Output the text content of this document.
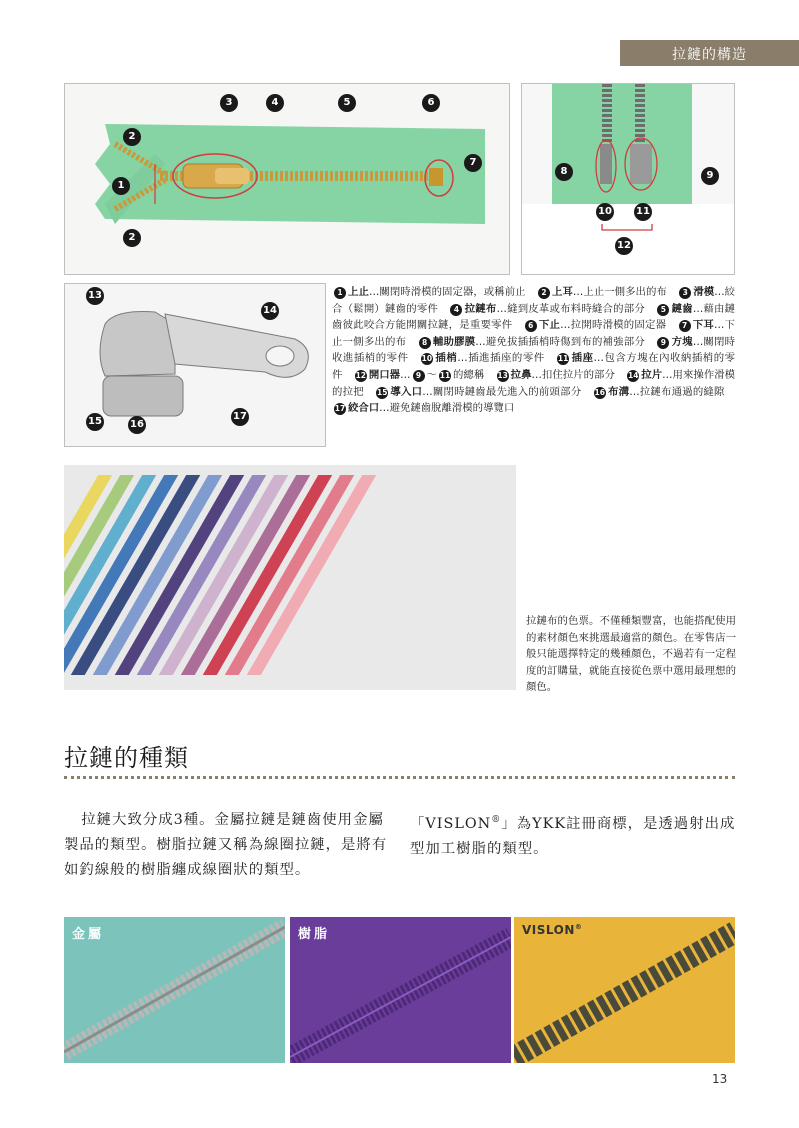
拉鏈的構造
1
2
2
3	4	5	6
7
8	9
10 11
12
13
14
15	16
17
1 上止…關閉時滑模的固定器，或稱前止  2 上耳…上止一側多出的布  3 滑模…絞合（鬆開）鏈齒的零件  4 拉鏈布…縫到皮革或布料時縫合的部分  5 鏈齒…藉由鏈齒彼此咬合方能開關拉鏈，是重要零件  6 下止…拉開時滑模的固定器  7 下耳…下止一側多出的布  8 輔助膠膜…避免拔插插梢時傷到布的補強部分  9 方塊…關閉時收進插梢的零件  10 插梢…插進插座的零件  11 插座…包含方塊在內收納插梢的零件  12 開口器… 9 ～ 11 的總稱  13 拉鼻…扣住拉片的部分  14 拉片…用來操作滑模的拉把  15 導入口…關閉時鏈齒最先進入的前頭部分  16 布溝…拉鏈布通過的縫隙 17 絞合口…避免鏈齒脫離滑模的導覽口 
拉鏈布的色票。不僅種類豐富，也能搭配使用的素材顏色來挑選最適當的顏色。在零售店一般只能選擇特定的幾種顏色，不過若有一定程度的訂購量，就能直接從色票中選用最理想的顏色。
拉鏈的種類
拉鏈大致分成3種。金屬拉鏈是鏈齒使用金屬製品的類型。樹脂拉鏈又稱為線圈拉鏈，是將有如釣線般的樹脂纏成線圈狀的類型。
「VISLON®」為YKK註冊商標，是透過射出成型加工樹脂的類型。
金屬	樹脂	VISLON®
13
